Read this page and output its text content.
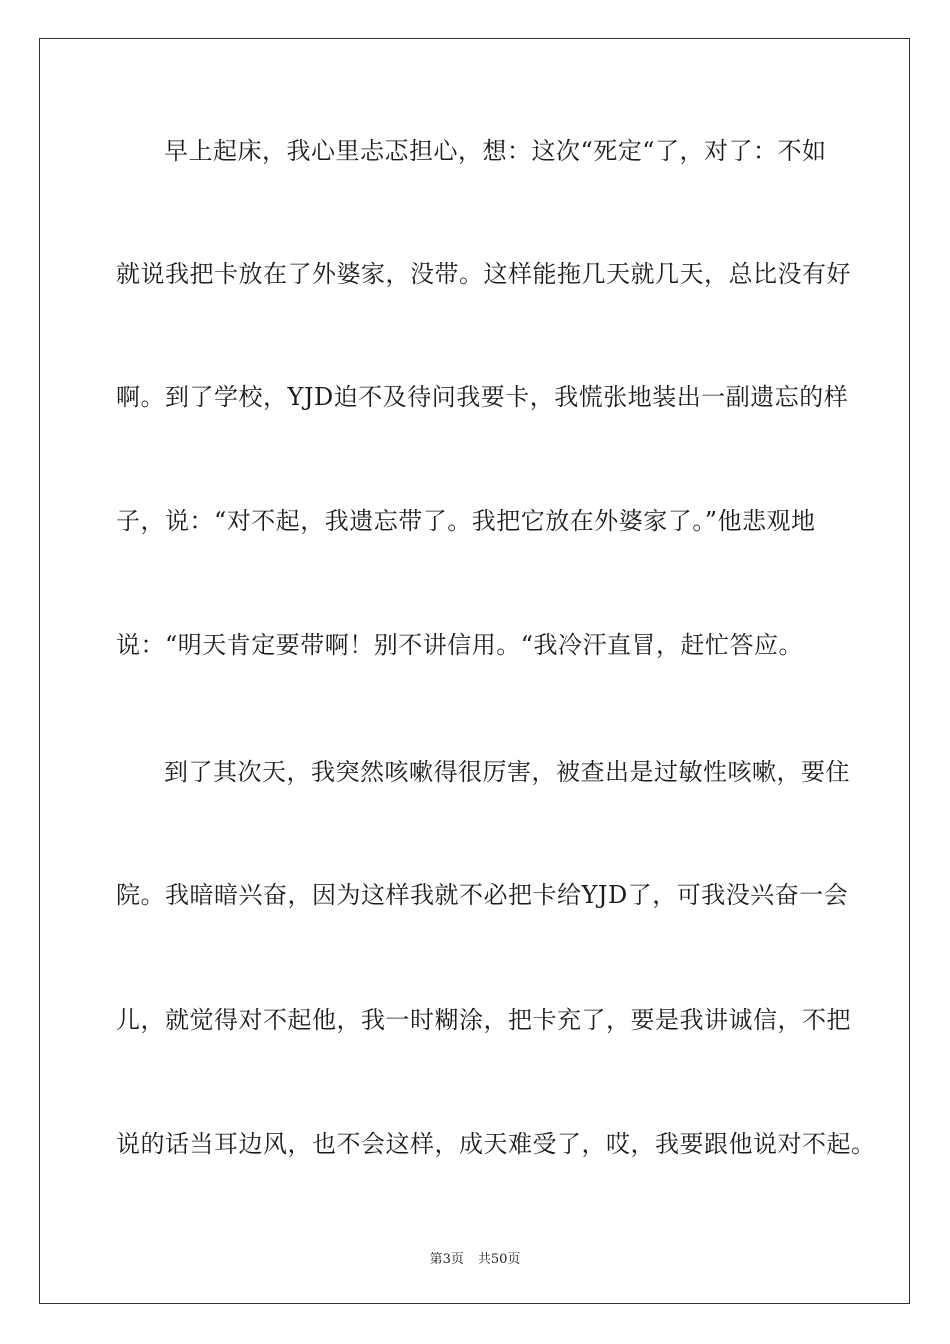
早上起床，我心里忐忑担心，想：这次“死定“了，对了：不如
就说我把卡放在了外婆家，没带。这样能拖几天就几天，总比没有好
啊。到了学校，YJD迫不及待问我要卡，我慌张地装出一副遗忘的样
子，说：“对不起，我遗忘带了。我把它放在外婆家了。”他悲观地
说：“明天肯定要带啊！别不讲信用。“我冷汗直冒，赶忙答应。
到了其次天，我突然咳嗽得很厉害，被查出是过敏性咳嗽，要住
院。我暗暗兴奋，因为这样我就不必把卡给YJD了，可我没兴奋一会
儿，就觉得对不起他，我一时糊涂，把卡充了，要是我讲诚信，不把
说的话当耳边风，也不会这样，成天难受了，哎，我要跟他说对不起。
第3页 共50页
